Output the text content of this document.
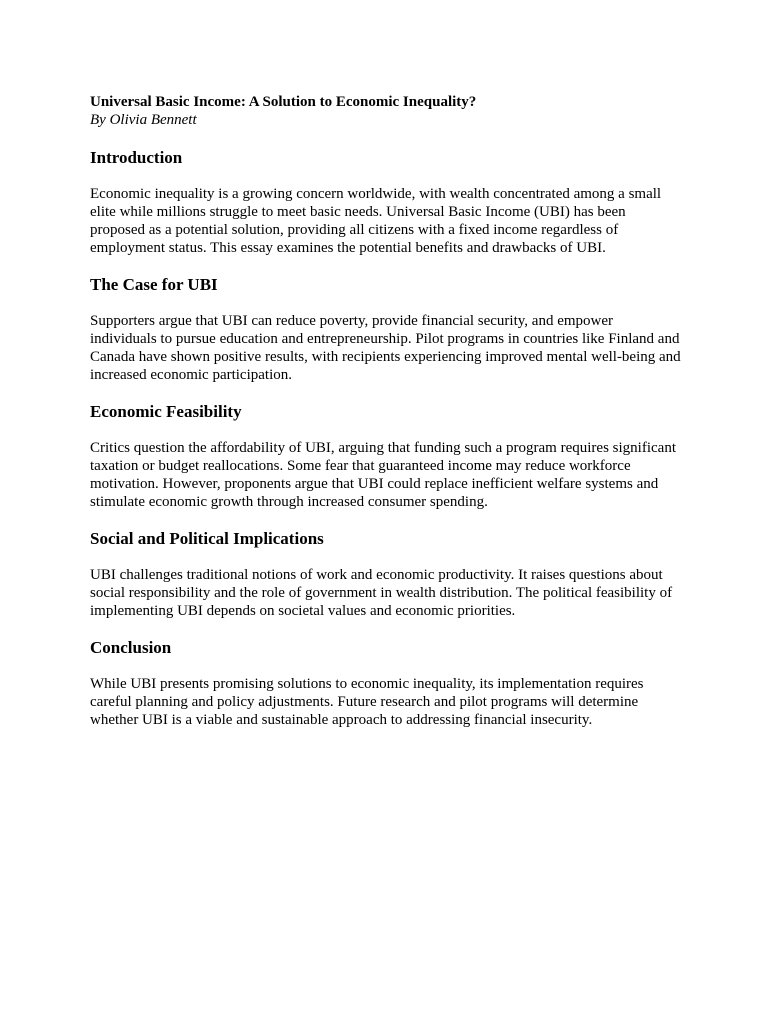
Universal Basic Income: A Solution to Economic Inequality?

By Olivia Bennett

Introduction

Economic inequality is a growing concern worldwide, with wealth concentrated among a small elite while millions struggle to meet basic needs. Universal Basic Income (UBI) has been proposed as a potential solution, providing all citizens with a fixed income regardless of employment status. This essay examines the potential benefits and drawbacks of UBI.

The Case for UBI

Supporters argue that UBI can reduce poverty, provide financial security, and empower individuals to pursue education and entrepreneurship. Pilot programs in countries like Finland and Canada have shown positive results, with recipients experiencing improved mental well-being and increased economic participation.

Economic Feasibility

Critics question the affordability of UBI, arguing that funding such a program requires significant taxation or budget reallocations. Some fear that guaranteed income may reduce workforce motivation. However, proponents argue that UBI could replace inefficient welfare systems and stimulate economic growth through increased consumer spending.

Social and Political Implications

UBI challenges traditional notions of work and economic productivity. It raises questions about social responsibility and the role of government in wealth distribution. The political feasibility of implementing UBI depends on societal values and economic priorities.

Conclusion

While UBI presents promising solutions to economic inequality, its implementation requires careful planning and policy adjustments. Future research and pilot programs will determine whether UBI is a viable and sustainable approach to addressing financial insecurity.
